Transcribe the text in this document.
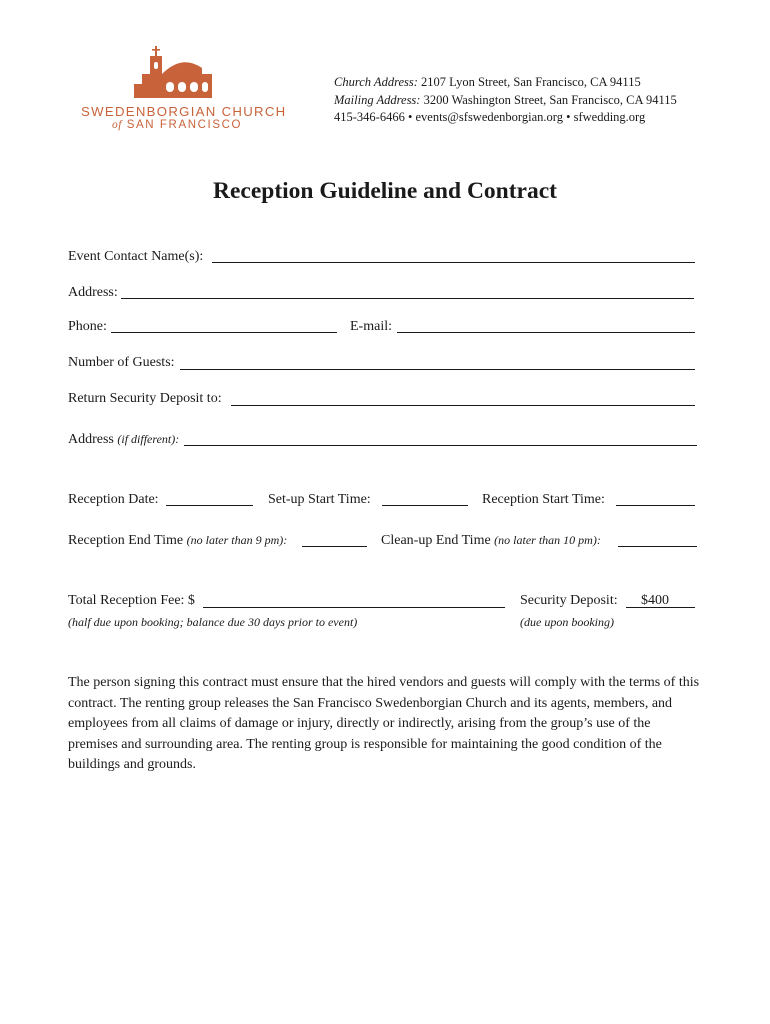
SWEDENBORGIAN CHURCH
of SAN FRANCISCO
Church Address: 2107 Lyon Street, San Francisco, CA 94115
Mailing Address: 3200 Washington Street, San Francisco, CA 94115
415-346-6466 • events@sfswedenborgian.org • sfwedding.org
Reception Guideline and Contract
Event Contact Name(s):
Address:
Phone:	E-mail:
Number of Guests:
Return Security Deposit to:
Address (if different):
Reception Date:	Set-up Start Time:	Reception Start Time:
Reception End Time (no later than 9 pm):	Clean-up End Time (no later than 10 pm):
Total Reception Fee: $
(half due upon booking; balance due 30 days prior to event)
Security Deposit: $400
(due upon booking)
The person signing this contract must ensure that the hired vendors and guests will comply with the terms of this contract. The renting group releases the San Francisco Swedenborgian Church and its agents, members, and employees from all claims of damage or injury, directly or indirectly, arising from the group’s use of the premises and surrounding area. The renting group is responsible for maintaining the good condition of the buildings and grounds.
